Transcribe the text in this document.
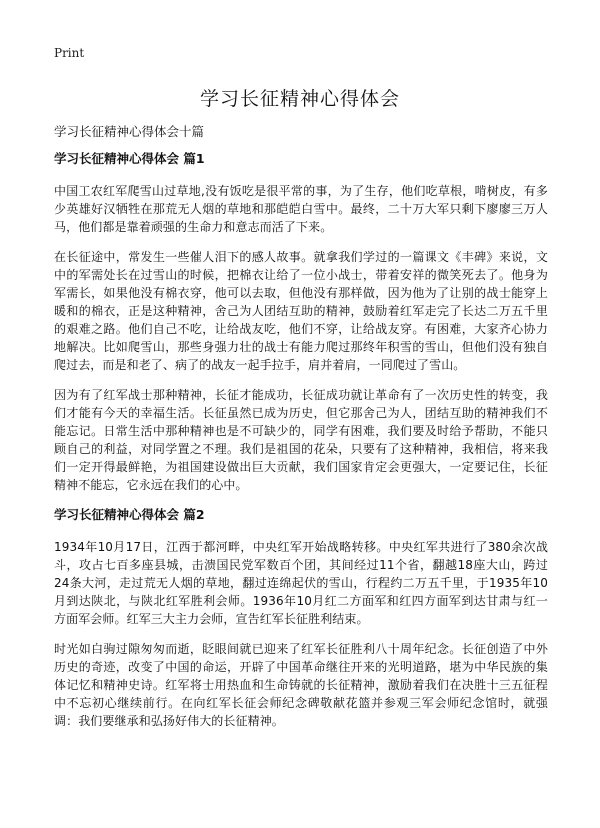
Print
学习长征精神心得体会
学习长征精神心得体会十篇
学习长征精神心得体会 篇1

中国工农红军爬雪山过草地,没有饭吃是很平常的事，为了生存，他们吃草根，啃树皮，有多少英雄好汉牺牲在那荒无人烟的草地和那皑皑白雪中。最终，二十万大军只剩下廖廖三万人马，他们都是靠着顽强的生命力和意志而活了下来。

在长征途中，常发生一些催人泪下的感人故事。就拿我们学过的一篇课文《丰碑》来说，文中的军需处长在过雪山的时候，把棉衣让给了一位小战士，带着安祥的微笑死去了。他身为军需长，如果他没有棉衣穿，他可以去取，但他没有那样做，因为他为了让别的战士能穿上暖和的棉衣，正是这种精神，舍己为人团结互助的精神，鼓励着红军走完了长达二万五千里的艰难之路。他们自己不吃，让给战友吃，他们不穿，让给战友穿。有困难，大家齐心协力地解决。比如爬雪山，那些身强力壮的战士有能力爬过那终年积雪的雪山，但他们没有独自爬过去，而是和老了、病了的战友一起手拉手，肩并着肩，一同爬过了雪山。

因为有了红军战士那种精神，长征才能成功，长征成功就让革命有了一次历史性的转变，我们才能有今天的幸福生活。长征虽然已成为历史，但它那舍己为人，团结互助的精神我们不能忘记。日常生活中那种精神也是不可缺少的，同学有困难，我们要及时给予帮助，不能只顾自己的利益，对同学置之不理。我们是祖国的花朵，只要有了这种精神，我相信，将来我们一定开得最鲜艳，为祖国建设做出巨大贡献，我们国家肯定会更强大，一定要记住，长征精神不能忘，它永远在我们的心中。

学习长征精神心得体会 篇2

1934年10月17日，江西于都河畔，中央红军开始战略转移。中央红军共进行了380余次战斗，攻占七百多座县城，击溃国民党军数百个团，其间经过11个省，翻越18座大山，跨过24条大河，走过荒无人烟的草地，翻过连绵起伏的雪山，行程约二万五千里，于1935年10月到达陕北，与陕北红军胜利会师。1936年10月红二方面军和红四方面军到达甘肃与红一方面军会师。红军三大主力会师，宣告红军长征胜利结束。

时光如白驹过隙匆匆而逝，眨眼间就已迎来了红军长征胜利八十周年纪念。长征创造了中外历史的奇迹，改变了中国的命运，开辟了中国革命继往开来的光明道路，堪为中华民族的集体记忆和精神史诗。红军将士用热血和生命铸就的长征精神，激励着我们在决胜十三五征程中不忘初心继续前行。在向红军长征会师纪念碑敬献花篮并参观三军会师纪念馆时，就强调：我们要继承和弘扬好伟大的长征精神。
